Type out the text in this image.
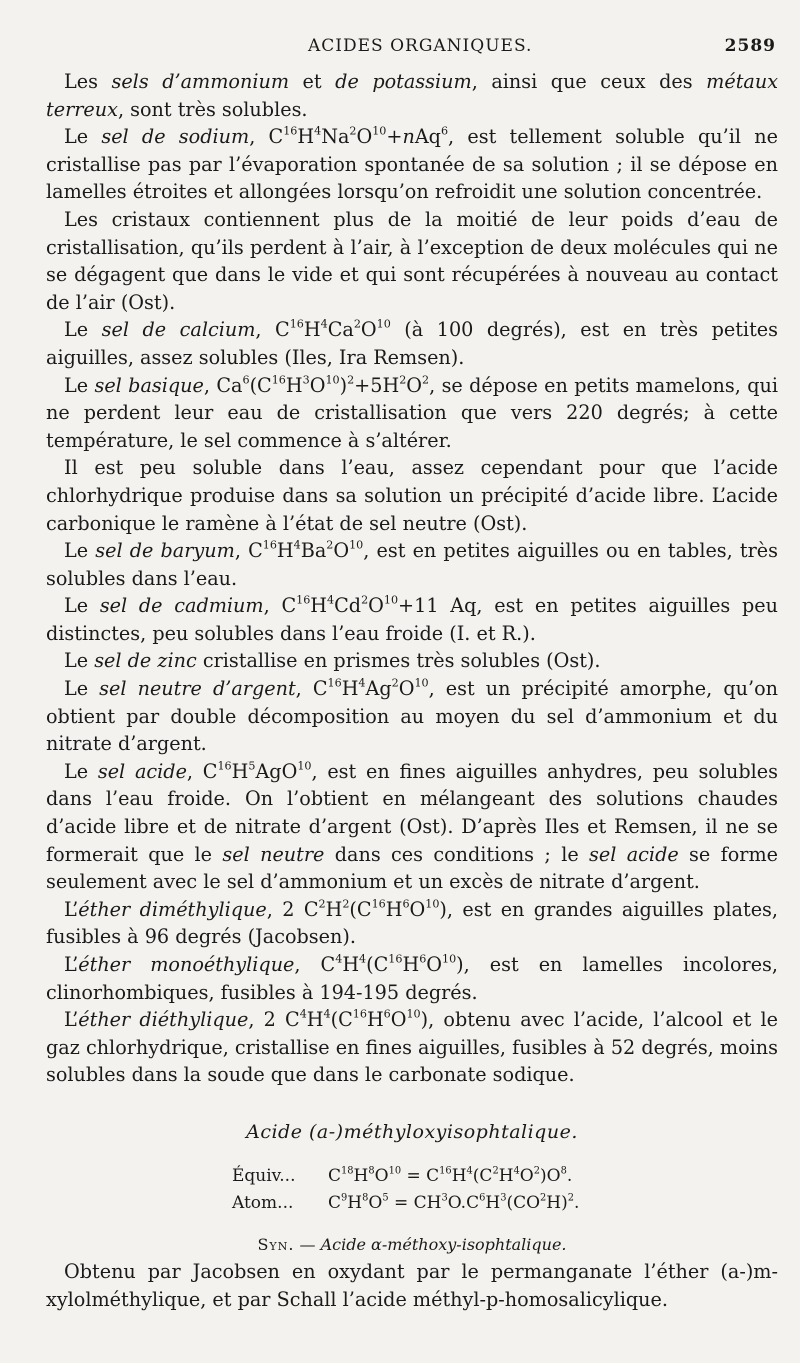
ACIDES ORGANIQUES.	2589

Les sels d’ammonium et de potassium, ainsi que ceux des métaux terreux, sont très solubles.

Le sel de sodium, $C^{16}H^4Na^2O^{10}+nAq^6$, est tellement soluble qu’il ne cristallise pas par l’évaporation spontanée de sa solution ; il se dépose en lamelles étroites et allongées lorsqu’on refroidit une solution concentrée.

Les cristaux contiennent plus de la moitié de leur poids d’eau de cristallisation, qu’ils perdent à l’air, à l’exception de deux molécules qui ne se dégagent que dans le vide et qui sont récupérées à nouveau au contact de l’air (Ost).

Le sel de calcium, $C^{16}H^4Ca^2O^{10}$ (à 100 degrés), est en très petites aiguilles, assez solubles (Iles, Ira Remsen).

Le sel basique, $Ca^6(C^{16}H^3O^{10})^2+5H^2O^2$, se dépose en petits mamelons, qui ne perdent leur eau de cristallisation que vers 220 degrés; à cette température, le sel commence à s’altérer.

Il est peu soluble dans l’eau, assez cependant pour que l’acide chlorhydrique produise dans sa solution un précipité d’acide libre. L’acide carbonique le ramène à l’état de sel neutre (Ost).

Le sel de baryum, $C^{16}H^4Ba^2O^{10}$, est en petites aiguilles ou en tables, très solubles dans l’eau.

Le sel de cadmium, $C^{16}H^4Cd^2O^{10}+11$ Aq, est en petites aiguilles peu distinctes, peu solubles dans l’eau froide (I. et R.).

Le sel de zinc cristallise en prismes très solubles (Ost).

Le sel neutre d’argent, $C^{16}H^4Ag^2O^{10}$, est un précipité amorphe, qu’on obtient par double décomposition au moyen du sel d’ammonium et du nitrate d’argent.

Le sel acide, $C^{16}H^5AgO^{10}$, est en fines aiguilles anhydres, peu solubles dans l’eau froide. On l’obtient en mélangeant des solutions chaudes d’acide libre et de nitrate d’argent (Ost). D’après Iles et Remsen, il ne se formerait que le sel neutre dans ces conditions ; le sel acide se forme seulement avec le sel d’ammonium et un excès de nitrate d’argent.

L’éther diméthylique, 2 $C^2H^2(C^{16}H^6O^{10})$, est en grandes aiguilles plates, fusibles à 96 degrés (Jacobsen).

L’éther monoéthylique, $C^4H^4(C^{16}H^6O^{10})$, est en lamelles incolores, clinorhombiques, fusibles à 194-195 degrés.

L’éther diéthylique, 2 $C^4H^4(C^{16}H^6O^{10})$, obtenu avec l’acide, l’alcool et le gaz chlorhydrique, cristallise en fines aiguilles, fusibles à 52 degrés, moins solubles dans la soude que dans le carbonate sodique.

Acide (a-)méthyloxyisophtalique.
Équiv...	$C^{18}H^8O^{10} = C^{16}H^4(C^2H^4O^2)O^8$.
Atom...	$C^9H^8O^5 = CH^3O.C^6H^3(CO^2H)^2$.
Syn. — Acide α-méthoxy-isophtalique.

Obtenu par Jacobsen en oxydant par le permanganate l’éther (a-)m-xylolméthylique, et par Schall l’acide méthyl-p-homosalicylique.
